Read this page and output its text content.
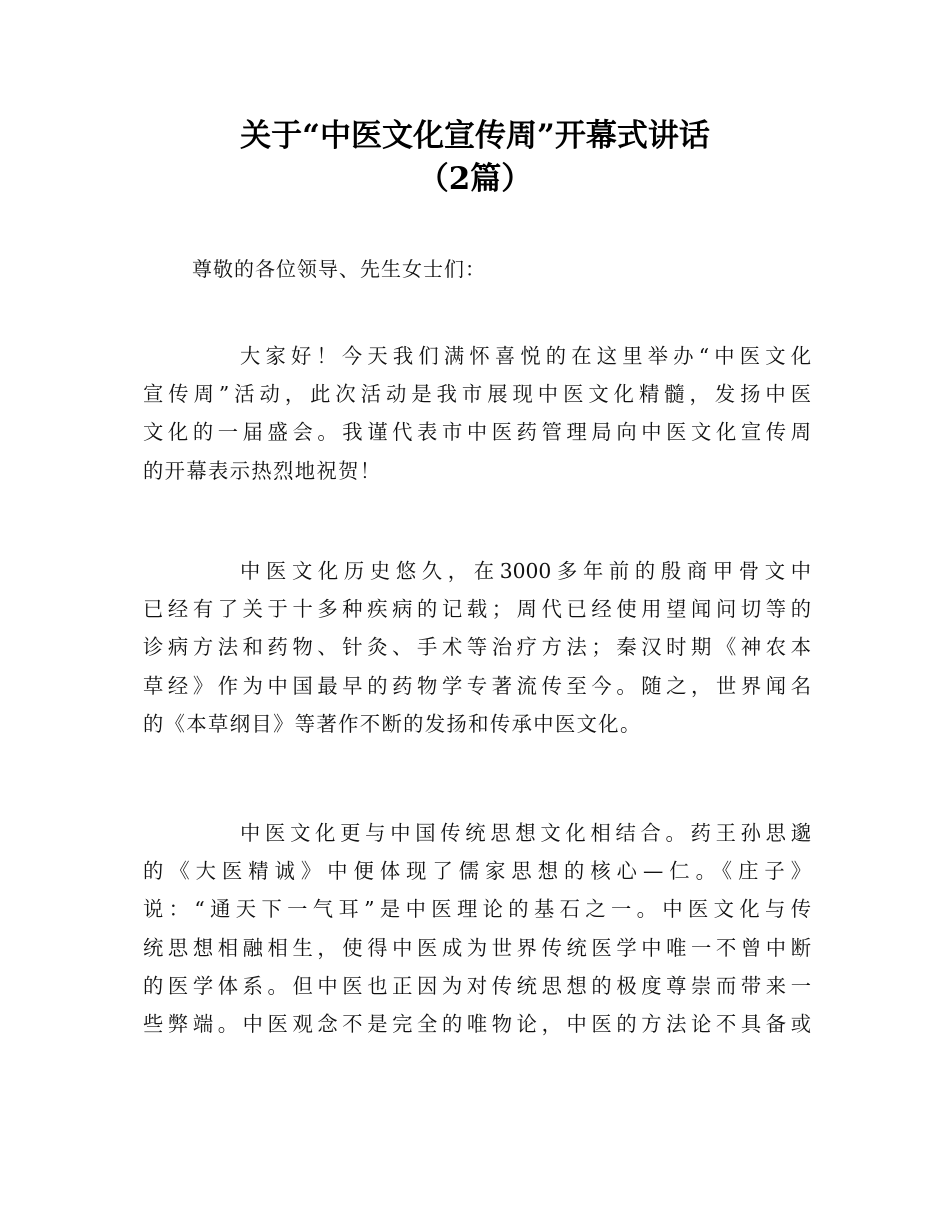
关于“中医文化宣传周”开幕式讲话
（2篇）
尊敬的各位领导、先生女士们：
大家好！今天我们满怀喜悦的在这里举办“中医文化
宣传周”活动，此次活动是我市展现中医文化精髓，发扬中医
文化的一届盛会。我谨代表市中医药管理局向中医文化宣传周
的开幕表示热烈地祝贺！
中医文化历史悠久，在3000多年前的殷商甲骨文中
已经有了关于十多种疾病的记载；周代已经使用望闻问切等的
诊病方法和药物、针灸、手术等治疗方法；秦汉时期《神农本
草经》作为中国最早的药物学专著流传至今。随之，世界闻名
的《本草纲目》等著作不断的发扬和传承中医文化。
中医文化更与中国传统思想文化相结合。药王孙思邈
的《大医精诚》中便体现了儒家思想的核心—仁。《庄子》
说：“通天下一气耳”是中医理论的基石之一。中医文化与传
统思想相融相生，使得中医成为世界传统医学中唯一不曾中断
的医学体系。但中医也正因为对传统思想的极度尊崇而带来一
些弊端。中医观念不是完全的唯物论，中医的方法论不具备或
